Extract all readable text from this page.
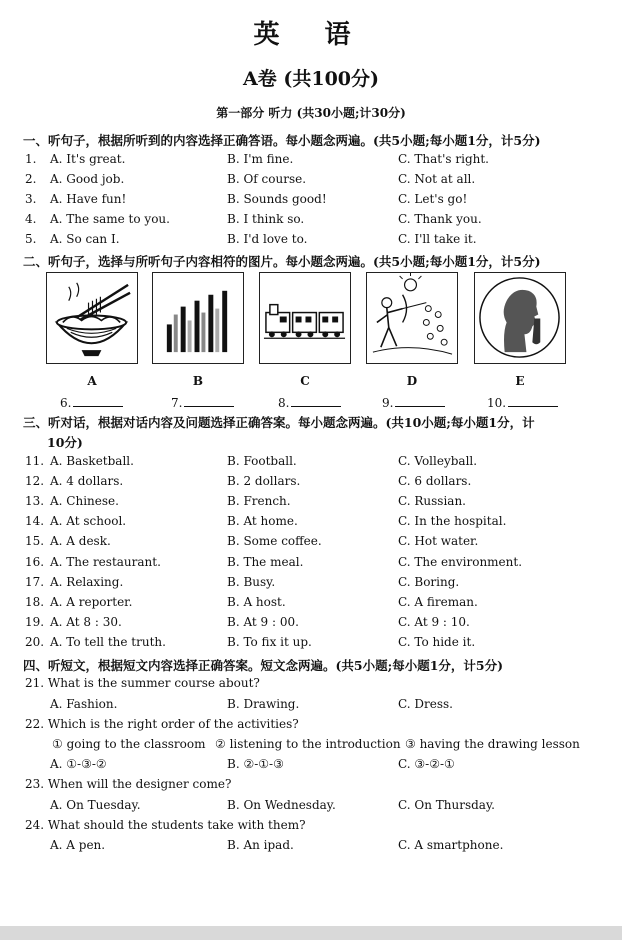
英 语
A卷 (共100分)
第一部分 听力 (共30小题;计30分)
一、听句子，根据所听到的内容选择正确答语。每小题念两遍。(共5小题;每小题1分，计5分)
1. A. It's great.	B. I'm fine.	C. That's right.
2. A. Good job.	B. Of course.	C. Not at all.
3. A. Have fun!	B. Sounds good!	C. Let's go!
4. A. The same to you.	B. I think so.	C. Thank you.
5. A. So can I.	B. I'd love to.	C. I'll take it.
二、听句子，选择与所听句子内容相符的图片。每小题念两遍。(共5小题;每小题1分，计5分)
A	B	C	D	E
6.	7.	8.	9.	10.
三、听对话，根据对话内容及问题选择正确答案。每小题念两遍。(共10小题;每小题1分，计
10分)
11. A. Basketball.	B. Football.	C. Volleyball.
12. A. 4 dollars.	B. 2 dollars.	C. 6 dollars.
13. A. Chinese.	B. French.	C. Russian.
14. A. At school.	B. At home.	C. In the hospital.
15. A. A desk.	B. Some coffee.	C. Hot water.
16. A. The restaurant.	B. The meal.	C. The environment.
17. A. Relaxing.	B. Busy.	C. Boring.
18. A. A reporter.	B. A host.	C. A fireman.
19. A. At 8 : 30.	B. At 9 : 00.	C. At 9 : 10.
20. A. To tell the truth.	B. To fix it up.	C. To hide it.
四、听短文，根据短文内容选择正确答案。短文念两遍。(共5小题;每小题1分，计5分)
21. What is the summer course about?
A. Fashion.	B. Drawing.	C. Dress.
22. Which is the right order of the activities?
① going to the classroom ② listening to the introduction ③ having the drawing lesson
A. ①-③-②	B. ②-①-③	C. ③-②-①
23. When will the designer come?
A. On Tuesday.	B. On Wednesday.	C. On Thursday.
24. What should the students take with them?
A. A pen.	B. An ipad.	C. A smartphone.
